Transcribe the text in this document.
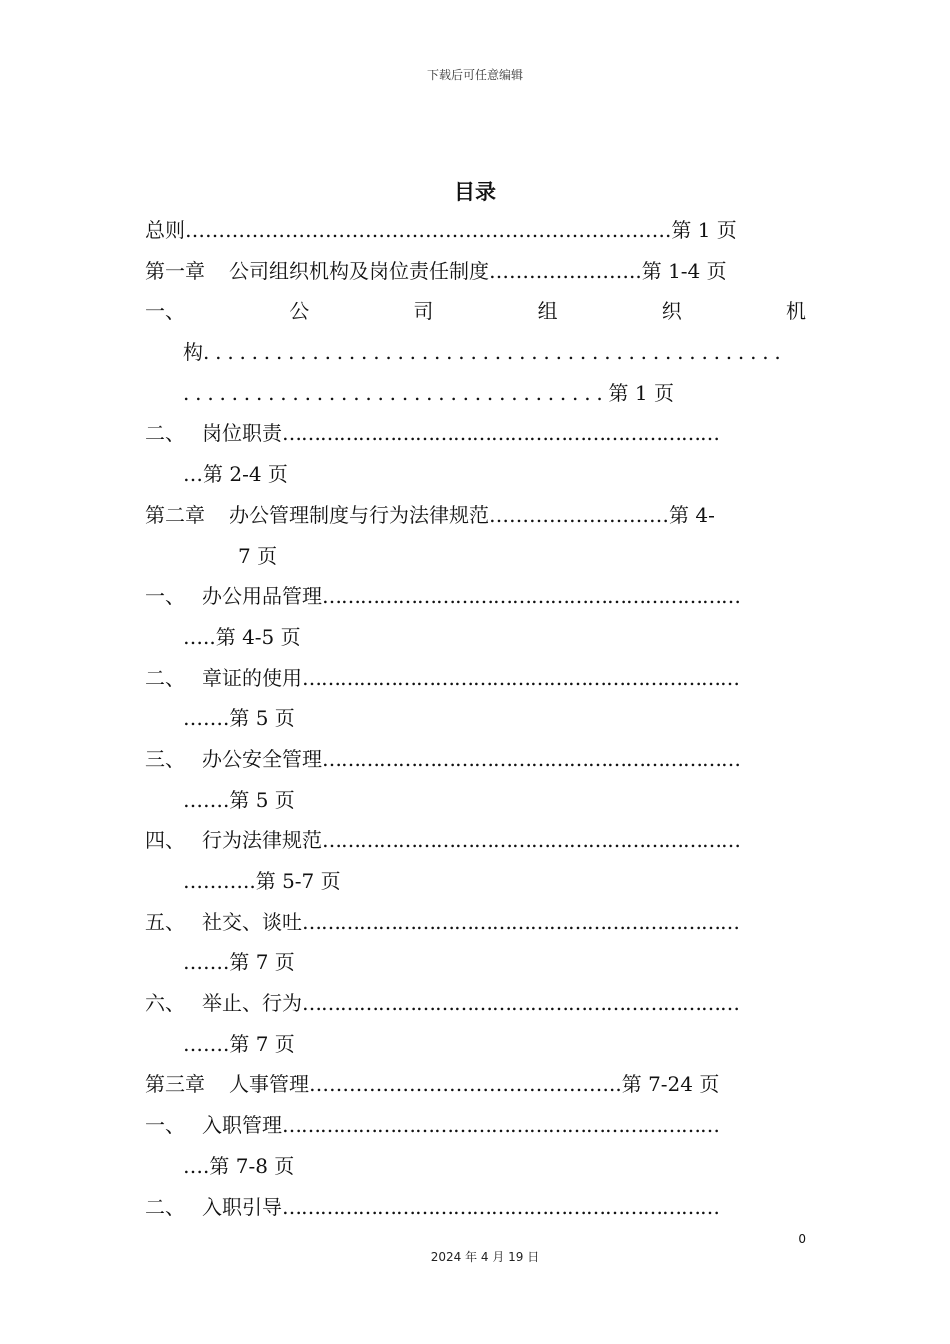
下载后可任意编辑
目录
总则 ……………………………………………………………… .第 1 页
第一章 公司组织机构及岗位责任制度 ………………… ..第 1-4 页
一、	公	司	组	织	机
构 ................................................
................................... 第 1 页
二、 岗位职责 ……………………………………………………………
… 第 2-4 页
第二章 办公管理制度与行为法律规范 ……………………… 第 4-
7 页
一、 办公用品管理 …………………………………………………………
… ..第 4-5 页
二、 章证的使用 ……………………………………………………………
…… .第 5 页
三、 办公安全管理 …………………………………………………………
…… .第 5 页
四、 行为法律规范 …………………………………………………………
……… ..第 5-7 页
五、 社交、谈吐 ……………………………………………………………
…… .第 7 页
六、 举止、行为 ……………………………………………………………
…… .第 7 页
第三章 人事管理 ……………………………………… ..第 7-24 页
一、 入职管理 ……………………………………………………………
… .第 7-8 页
二、 入职引导 ……………………………………………………………
0
2024 年 4 月 19 日
